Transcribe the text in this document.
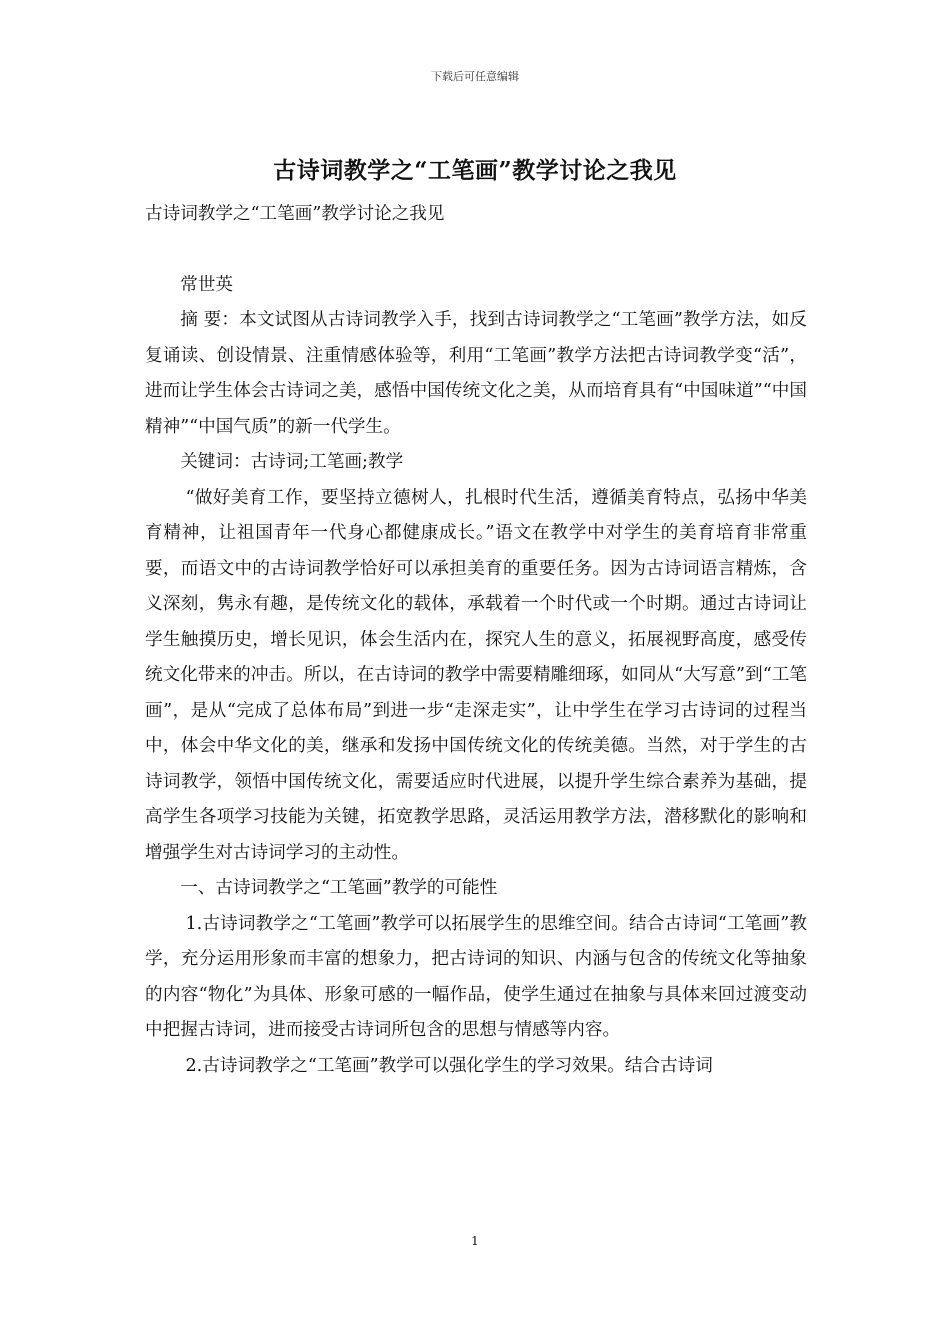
下载后可任意编辑
古诗词教学之“工笔画”教学讨论之我见

古诗词教学之“工笔画”教学讨论之我见

常世英

摘 要：本文试图从古诗词教学入手，找到古诗词教学之“工笔画”教学方法，如反复诵读、创设情景、注重情感体验等，利用“工笔画”教学方法把古诗词教学变“活”，进而让学生体会古诗词之美，感悟中国传统文化之美，从而培育具有“中国味道”“中国精神”“中国气质”的新一代学生。

关键词：古诗词;工笔画;教学

“做好美育工作，要坚持立德树人，扎根时代生活，遵循美育特点，弘扬中华美育精神，让祖国青年一代身心都健康成长。”语文在教学中对学生的美育培育非常重要，而语文中的古诗词教学恰好可以承担美育的重要任务。因为古诗词语言精炼，含义深刻，隽永有趣，是传统文化的载体，承载着一个时代或一个时期。通过古诗词让学生触摸历史，增长见识，体会生活内在，探究人生的意义，拓展视野高度，感受传统文化带来的冲击。所以，在古诗词的教学中需要精雕细琢，如同从“大写意”到“工笔画”，是从“完成了总体布局”到进一步“走深走实”，让中学生在学习古诗词的过程当中，体会中华文化的美，继承和发扬中国传统文化的传统美德。当然，对于学生的古诗词教学，领悟中国传统文化，需要适应时代进展，以提升学生综合素养为基础，提高学生各项学习技能为关键，拓宽教学思路，灵活运用教学方法，潜移默化的影响和增强学生对古诗词学习的主动性。

一、古诗词教学之“工笔画”教学的可能性

1.古诗词教学之“工笔画”教学可以拓展学生的思维空间。结合古诗词“工笔画”教学，充分运用形象而丰富的想象力，把古诗词的知识、内涵与包含的传统文化等抽象的内容“物化”为具体、形象可感的一幅作品，使学生通过在抽象与具体来回过渡变动中把握古诗词，进而接受古诗词所包含的思想与情感等内容。

2.古诗词教学之“工笔画”教学可以强化学生的学习效果。结合古诗词

1
